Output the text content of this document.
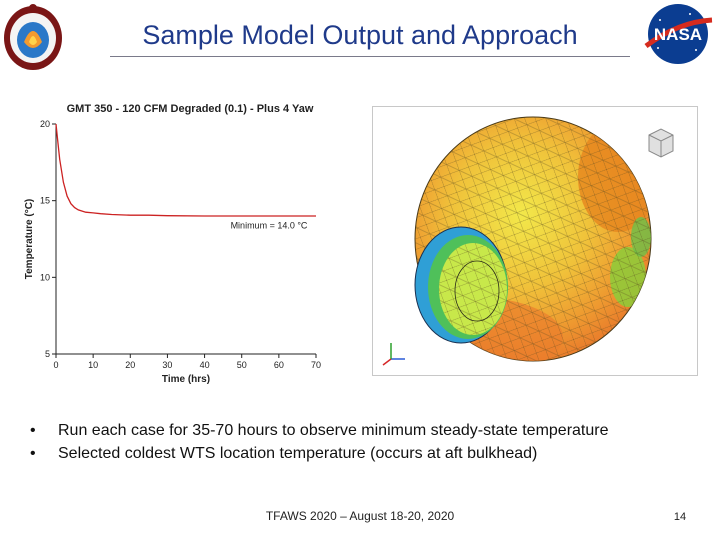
Sample Model Output and Approach	NASA
GMT 350 - 120 CFM Degraded (0.1) - Plus 4 Yaw
0	10	20	30	40	50	60	70
5
10
15
20
Time (hrs)
Temperature (°C)	Minimum = 14.0 °C
•	Run each case for 35-70 hours to observe minimum steady-state temperature
•	Selected coldest WTS location temperature (occurs at aft bulkhead)
TFAWS 2020 – August 18-20, 2020	14
